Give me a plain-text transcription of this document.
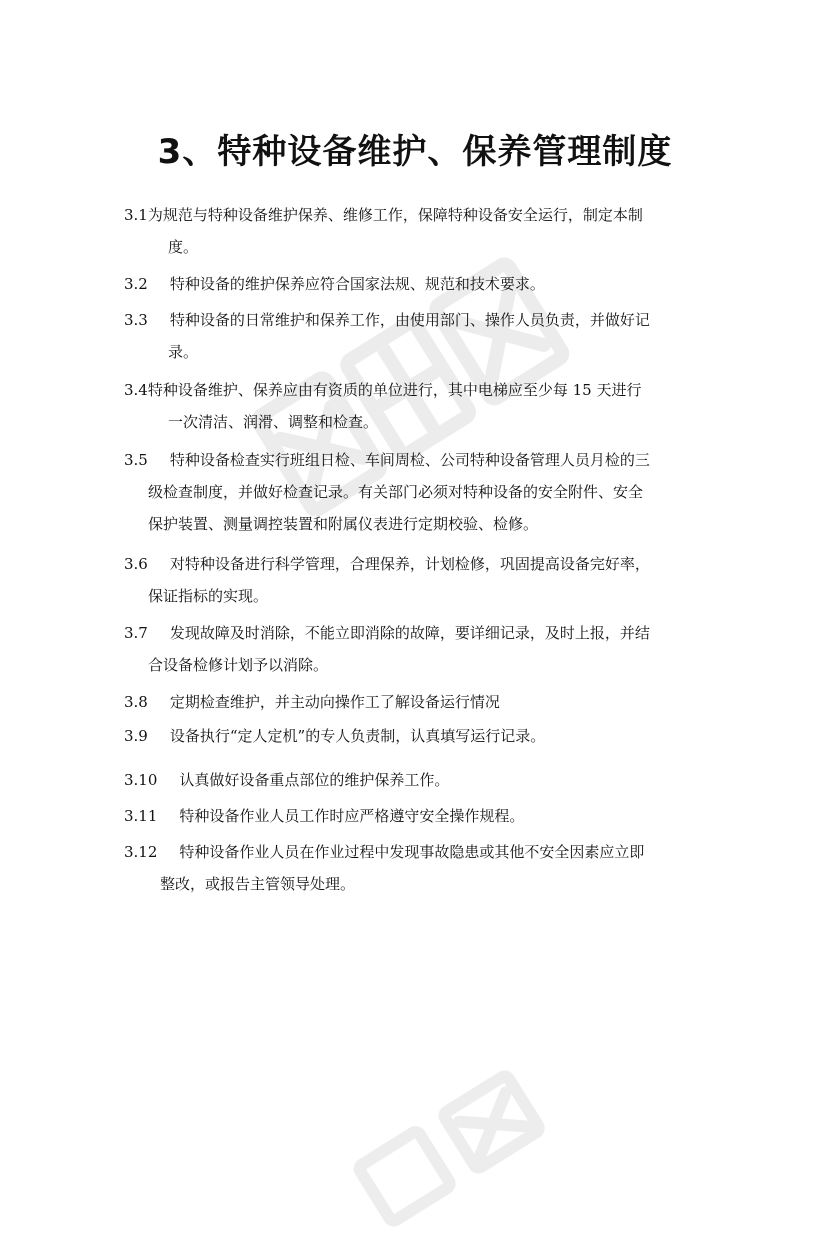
3、特种设备维护、保养管理制度

3.1为规范与特种设备维护保养、维修工作，保障特种设备安全运行，制定本制
度。

3.2 特种设备的维护保养应符合国家法规、规范和技术要求。

3.3 特种设备的日常维护和保养工作，由使用部门、操作人员负责，并做好记
录。

3.4特种设备维护、保养应由有资质的单位进行，其中电梯应至少每 15 天进行
一次清洁、润滑、调整和检查。

3.5 特种设备检查实行班组日检、车间周检、公司特种设备管理人员月检的三
级检查制度，并做好检查记录。有关部门必须对特种设备的安全附件、安全
保护装置、测量调控装置和附属仪表进行定期校验、检修。

3.6 对特种设备进行科学管理，合理保养，计划检修，巩固提高设备完好率，
保证指标的实现。

3.7 发现故障及时消除，不能立即消除的故障，要详细记录，及时上报，并结
合设备检修计划予以消除。

3.8 定期检查维护，并主动向操作工了解设备运行情况

3.9 设备执行“定人定机”的专人负责制，认真填写运行记录。

3.10 认真做好设备重点部位的维护保养工作。

3.11 特种设备作业人员工作时应严格遵守安全操作规程。

3.12 特种设备作业人员在作业过程中发现事故隐患或其他不安全因素应立即
整改，或报告主管领导处理。
